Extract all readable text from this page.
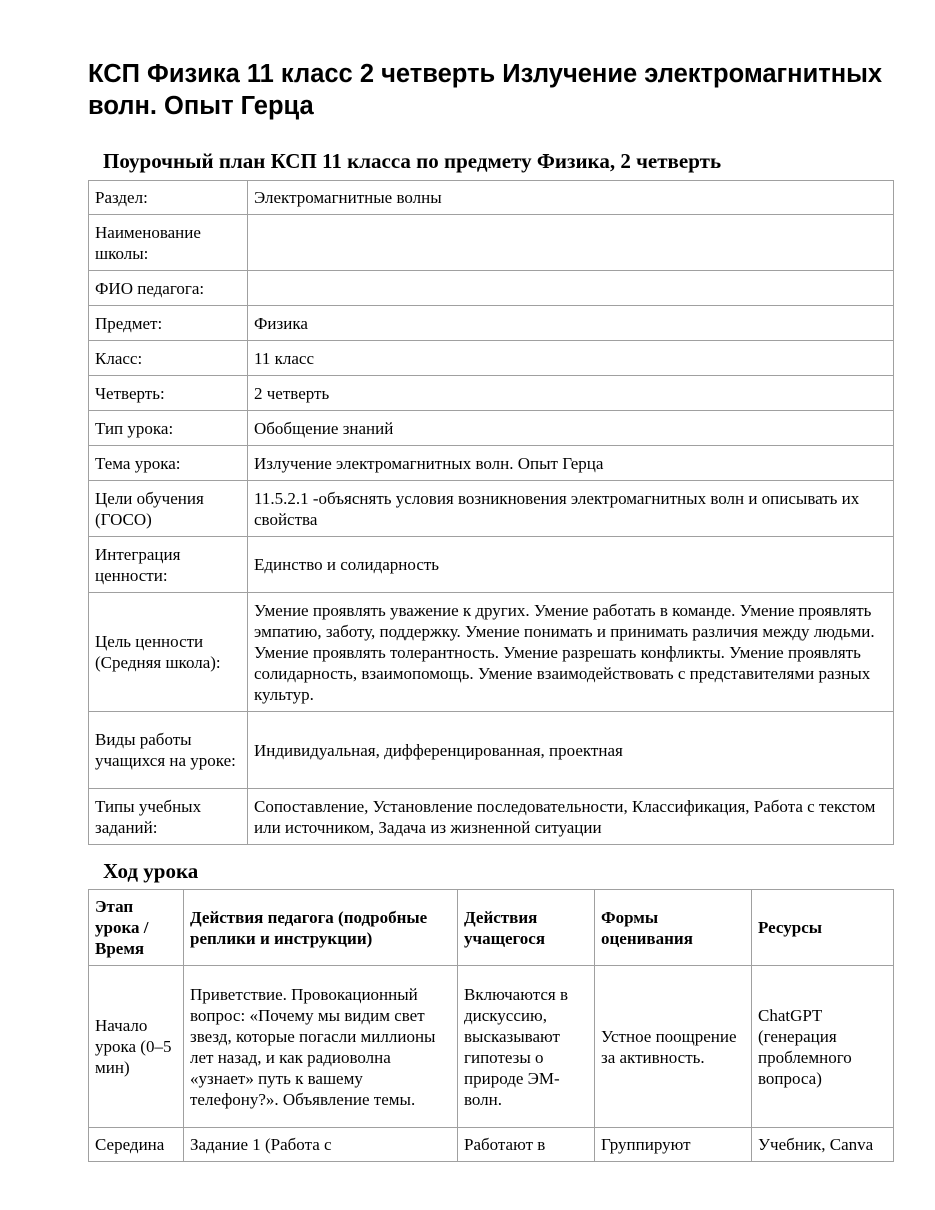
КСП Физика 11 класс 2 четверть Излучение электромагнитных волн. Опыт Герца
Поурочный план КСП 11 класса по предмету Физика, 2 четверть
Раздел:	Электромагнитные волны
Наименование школы:	
ФИО педагога:	
Предмет:	Физика
Класс:	11 класс
Четверть:	2 четверть
Тип урока:	Обобщение знаний
Тема урока:	Излучение электромагнитных волн. Опыт Герца
Цели обучения (ГОСО)	11.5.2.1 -объяснять условия возникновения электромагнитных волн и описывать их свойства
Интеграция ценности:	Единство и солидарность
Цель ценности (Средняя школа):	Умение проявлять уважение к других. Умение работать в команде. Умение проявлять эмпатию, заботу, поддержку. Умение понимать и принимать различия между людьми. Умение проявлять толерантность. Умение разрешать конфликты. Умение проявлять солидарность, взаимопомощь. Умение взаимодействовать с представителями разных культур.
Виды работы учащихся на уроке:	Индивидуальная, дифференцированная, проектная
Типы учебных заданий:	Сопоставление, Установление последовательности, Классификация, Работа с текстом или источником, Задача из жизненной ситуации
Ход урока
Этап урока / Время	Действия педагога (подробные реплики и инструкции)	Действия учащегося	Формы оценивания	Ресурсы
Начало урока (0–5 мин)	Приветствие. Провокационный вопрос: «Почему мы видим свет звезд, которые погасли миллионы лет назад, и как радиоволна «узнает» путь к вашему телефону?». Объявление темы.	Включаются в дискуссию, высказывают гипотезы о природе ЭМ-волн.	Устное поощрение за активность.	ChatGPT (генерация проблемного вопроса)
Середина	Задание 1 (Работа с	Работают в	Группируют	Учебник, Canva
